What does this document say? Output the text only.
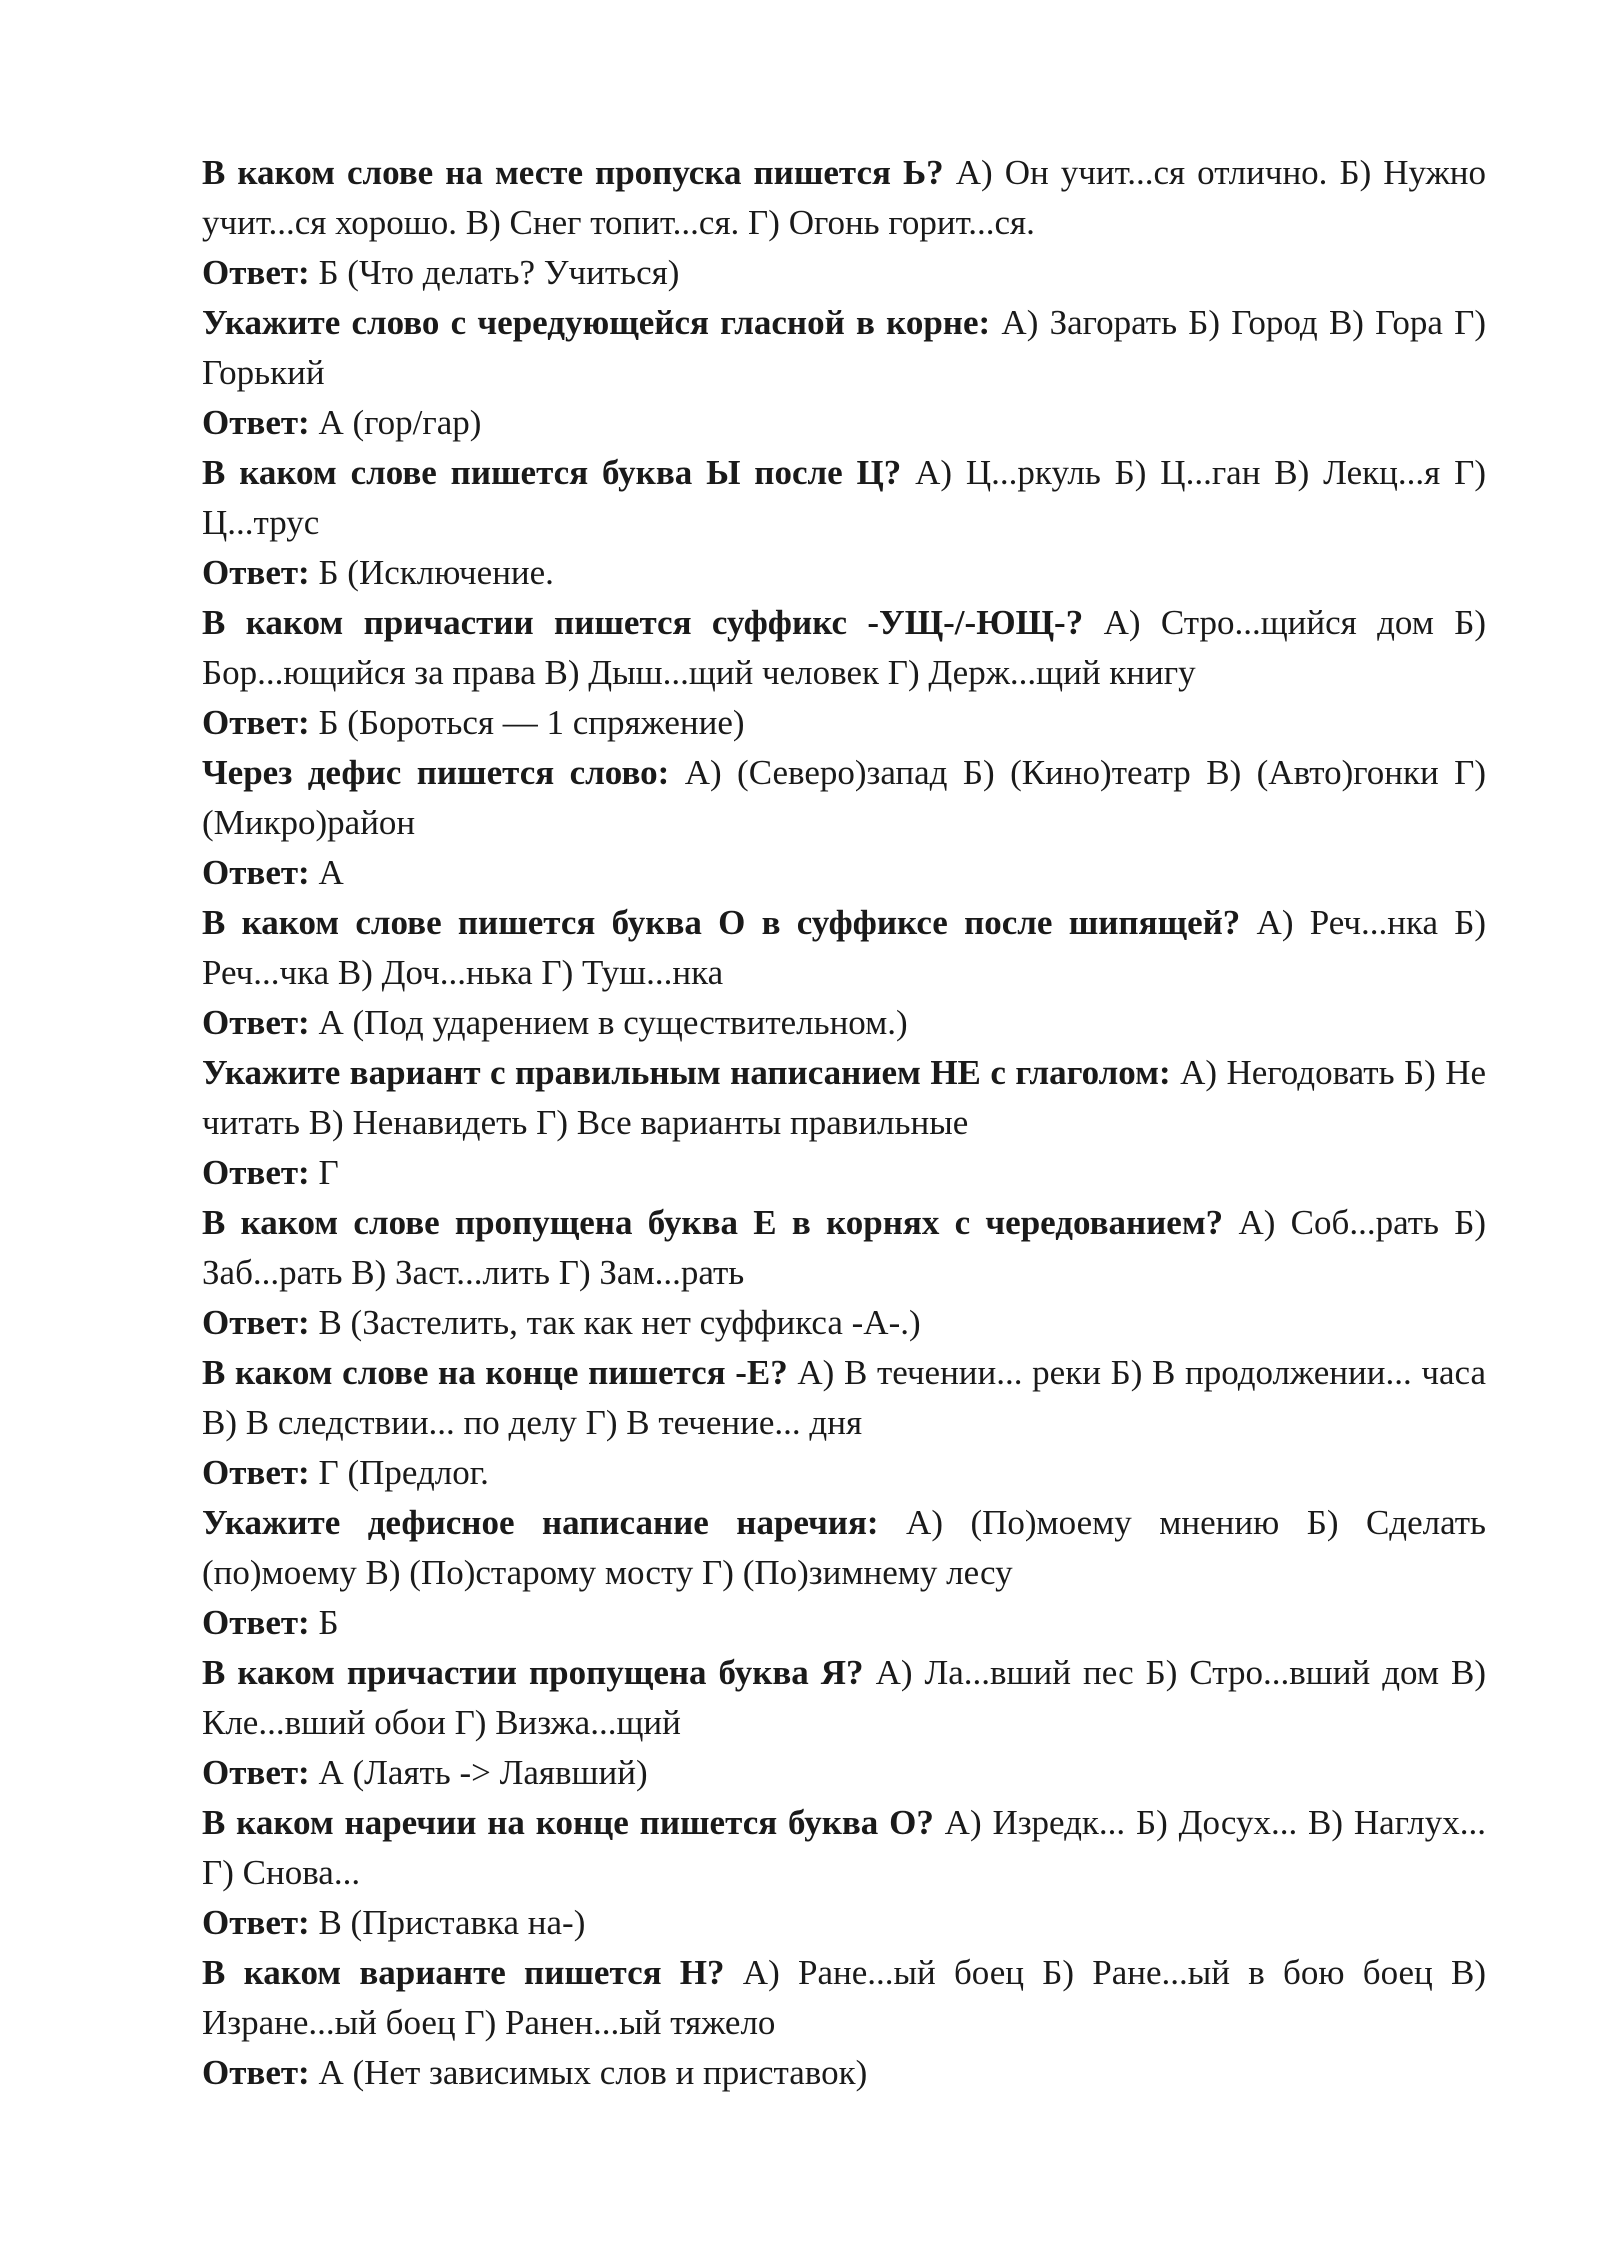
В каком слове на месте пропуска пишется Ь? А) Он учит...ся отлично. Б) Нужно учит...ся хорошо. В) Снег топит...ся. Г) Огонь горит...ся.

Ответ: Б (Что делать? Учиться)

Укажите слово с чередующейся гласной в корне: А) Загорать Б) Город В) Гора Г) Горький

Ответ: А (гор/гар)

В каком слове пишется буква Ы после Ц? А) Ц...ркуль Б) Ц...ган В) Лекц...я Г) Ц...трус

Ответ: Б (Исключение.

В каком причастии пишется суффикс -УЩ-/-ЮЩ-? А) Стро...щийся дом Б) Бор...ющийся за права В) Дыш...щий человек Г) Держ...щий книгу

Ответ: Б (Бороться — 1 спряжение)

Через дефис пишется слово: А) (Северо)запад Б) (Кино)театр В) (Авто)гонки Г) (Микро)район

Ответ: А

В каком слове пишется буква О в суффиксе после шипящей? А) Реч...нка Б) Реч...чка В) Доч...нька Г) Туш...нка

Ответ: А (Под ударением в существительном.)

Укажите вариант с правильным написанием НЕ с глаголом: А) Негодовать Б) Не читать В) Ненавидеть Г) Все варианты правильные

Ответ: Г

В каком слове пропущена буква Е в корнях с чередованием? А) Соб...рать Б) Заб...рать В) Заст...лить Г) Зам...рать

Ответ: В (Застелить, так как нет суффикса -А-.)

В каком слове на конце пишется -Е? А) В течении... реки Б) В продолжении... часа В) В следствии... по делу Г) В течение... дня

Ответ: Г (Предлог.

Укажите дефисное написание наречия: А) (По)моему мнению Б) Сделать (по)моему В) (По)старому мосту Г) (По)зимнему лесу

Ответ: Б

В каком причастии пропущена буква Я? А) Ла...вший пес Б) Стро...вший дом В) Кле...вший обои Г) Визжа...щий

Ответ: А (Лаять -> Лаявший)

В каком наречии на конце пишется буква О? А) Изредк... Б) Досух... В) Наглух... Г) Снова...

Ответ: В (Приставка на-)

В каком варианте пишется Н? А) Ране...ый боец Б) Ране...ый в бою боец В) Изране...ый боец Г) Ранен...ый тяжело

Ответ: А (Нет зависимых слов и приставок)
